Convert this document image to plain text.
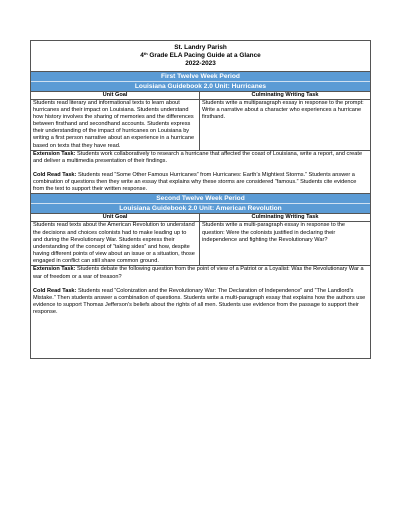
St. Landry Parish
4th Grade ELA Pacing Guide at a Glance
2022-2023	

First Twelve Week Period
Louisiana Guidebook 2.0 Unit: Hurricanes	

Unit Goal	Culminating Writing Task
Students read literary and informational texts to learn about hurricanes and their impact on Louisiana. Students understand how history involves the sharing of memories and the differences between firsthand and secondhand accounts. Students express their understanding of the impact of hurricanes on Louisiana by writing a first person narrative about an experience in a hurricane based on texts that they have read.	Students write a multiparagraph essay in response to the prompt: Write a narrative about a character who experiences a hurricane firsthand.

Extension Task: Students work collaboratively to research a hurricane that affected the coast of Louisiana, write a report, and create and deliver a multimedia presentation of their findings.

Cold Read Task: Students read “Some Other Famous Hurricanes” from Hurricanes: Earth’s Mightiest Storms.” Students answer a combination of questions then they write an essay that explains why these storms are considered “famous.” Students cite evidence from the text to support their written response.	

Second Twelve Week Period
Louisiana Guidebook 2.0 Unit: American Revolution	

Unit Goal	Culminating Writing Task
Students read texts about the American Revolution to understand the decisions and choices colonists had to make leading up to and during the Revolutionary War. Students express their understanding of the concept of “taking sides” and how, despite having different points of view about an issue or a situation, those engaged in conflict can still share common ground.	Students write a multi-paragraph essay in response to the question: Were the colonists justified in declaring their independence and fighting the Revolutionary War?

Extension Task: Students debate the following question from the point of view of a Patriot or a Loyalist: Was the Revolutionary War a war of freedom or a war of treason?

Cold Read Task: Students read “Colonization and the Revolutionary War: The Declaration of Independence” and “The Landlord’s Mistake.” Then students answer a combination of questions. Students write a multi-paragraph essay that explains how the authors use evidence to support Thomas Jefferson’s beliefs about the rights of all men. Students use evidence from the passage to support their response.	
